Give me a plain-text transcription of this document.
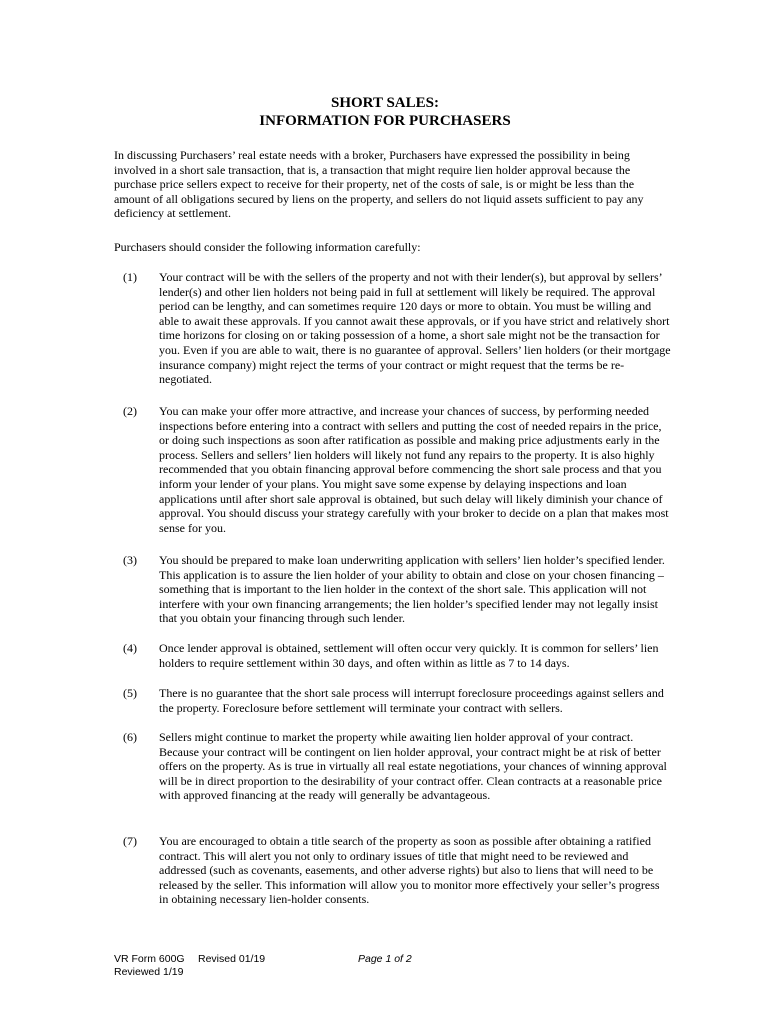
SHORT SALES:
INFORMATION FOR PURCHASERS
In discussing Purchasers’ real estate needs with a broker, Purchasers have expressed the possibility in being involved in a short sale transaction, that is, a transaction that might require lien holder approval because the purchase price sellers expect to receive for their property, net of the costs of sale, is or might be less than the amount of all obligations secured by liens on the property, and sellers do not liquid assets sufficient to pay any deficiency at settlement.
Purchasers should consider the following information carefully:
(1) Your contract will be with the sellers of the property and not with their lender(s), but approval by sellers’ lender(s) and other lien holders not being paid in full at settlement will likely be required. The approval period can be lengthy, and can sometimes require 120 days or more to obtain. You must be willing and able to await these approvals. If you cannot await these approvals, or if you have strict and relatively short time horizons for closing on or taking possession of a home, a short sale might not be the transaction for you. Even if you are able to wait, there is no guarantee of approval. Sellers’ lien holders (or their mortgage insurance company) might reject the terms of your contract or might request that the terms be re-negotiated.
(2) You can make your offer more attractive, and increase your chances of success, by performing needed inspections before entering into a contract with sellers and putting the cost of needed repairs in the price, or doing such inspections as soon after ratification as possible and making price adjustments early in the process. Sellers and sellers’ lien holders will likely not fund any repairs to the property. It is also highly recommended that you obtain financing approval before commencing the short sale process and that you inform your lender of your plans. You might save some expense by delaying inspections and loan applications until after short sale approval is obtained, but such delay will likely diminish your chance of approval. You should discuss your strategy carefully with your broker to decide on a plan that makes most sense for you.
(3) You should be prepared to make loan underwriting application with sellers’ lien holder’s specified lender. This application is to assure the lien holder of your ability to obtain and close on your chosen financing – something that is important to the lien holder in the context of the short sale. This application will not interfere with your own financing arrangements; the lien holder’s specified lender may not legally insist that you obtain your financing through such lender.
(4) Once lender approval is obtained, settlement will often occur very quickly. It is common for sellers’ lien holders to require settlement within 30 days, and often within as little as 7 to 14 days.
(5) There is no guarantee that the short sale process will interrupt foreclosure proceedings against sellers and the property. Foreclosure before settlement will terminate your contract with sellers.
(6) Sellers might continue to market the property while awaiting lien holder approval of your contract. Because your contract will be contingent on lien holder approval, your contract might be at risk of better offers on the property. As is true in virtually all real estate negotiations, your chances of winning approval will be in direct proportion to the desirability of your contract offer. Clean contracts at a reasonable price with approved financing at the ready will generally be advantageous.
(7) You are encouraged to obtain a title search of the property as soon as possible after obtaining a ratified contract. This will alert you not only to ordinary issues of title that might need to be reviewed and addressed (such as covenants, easements, and other adverse rights) but also to liens that will need to be released by the seller. This information will allow you to monitor more effectively your seller’s progress in obtaining necessary lien-holder consents.
VR Form 600G Revised 01/19	Page 1 of 2
Reviewed 1/19
